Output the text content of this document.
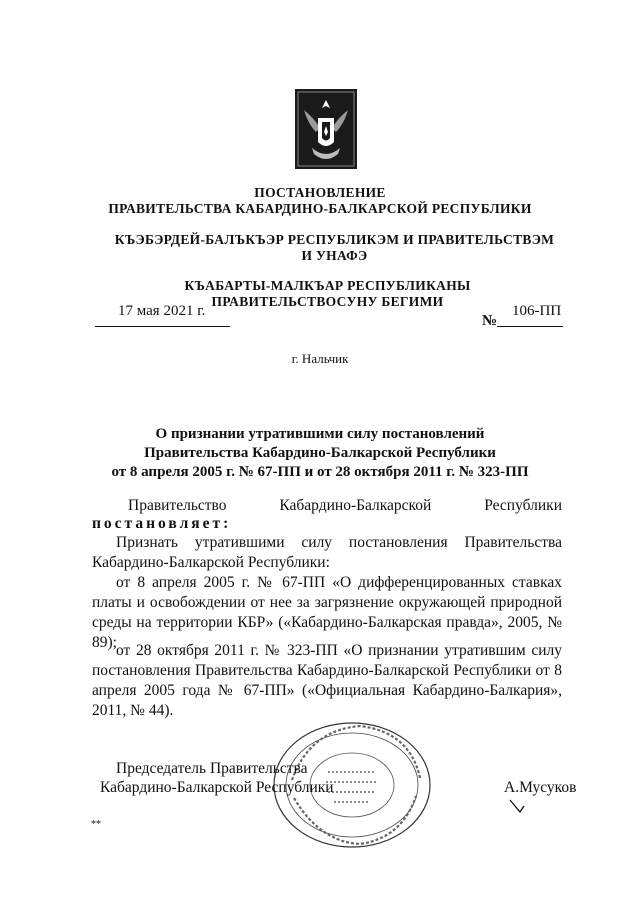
ПОСТАНОВЛЕНИЕ
ПРАВИТЕЛЬСТВА КАБАРДИНО-БАЛКАРСКОЙ РЕСПУБЛИКИ
КЪЭБЭРДЕЙ-БАЛЪКЪЭР РЕСПУБЛИКЭМ И ПРАВИТЕЛЬСТВЭМ И УНАФЭ
КЪАБАРТЫ-МАЛКЪАР РЕСПУБЛИКАНЫ ПРАВИТЕЛЬСТВОСУНУ БЕГИМИ
17 мая 2021 г.
№
106-ПП
г. Нальчик
О признании утратившими силу постановлений
Правительства Кабардино-Балкарской Республики
от 8 апреля 2005 г. № 67-ПП и от 28 октября 2011 г. № 323-ПП
Правительство	Кабардино-Балкарской	Республики
постановляет:
Признать утратившими силу постановления Правительства Кабардино-Балкарской Республики:
от 8 апреля 2005 г. № 67-ПП «О дифференцированных ставках платы и освобождении от нее за загрязнение окружающей природной среды на территории КБР» («Кабардино-Балкарская правда», 2005, № 89); от 28 октября 2011 г. № 323-ПП «О признании утратившим силу постановления Правительства Кабардино-Балкарской Республики от 8 апреля 2005 года № 67-ПП» («Официальная Кабардино-Балкария», 2011, № 44).
Председатель Правительства
Кабардино-Балкарской Республики	А.Мусуков
**
